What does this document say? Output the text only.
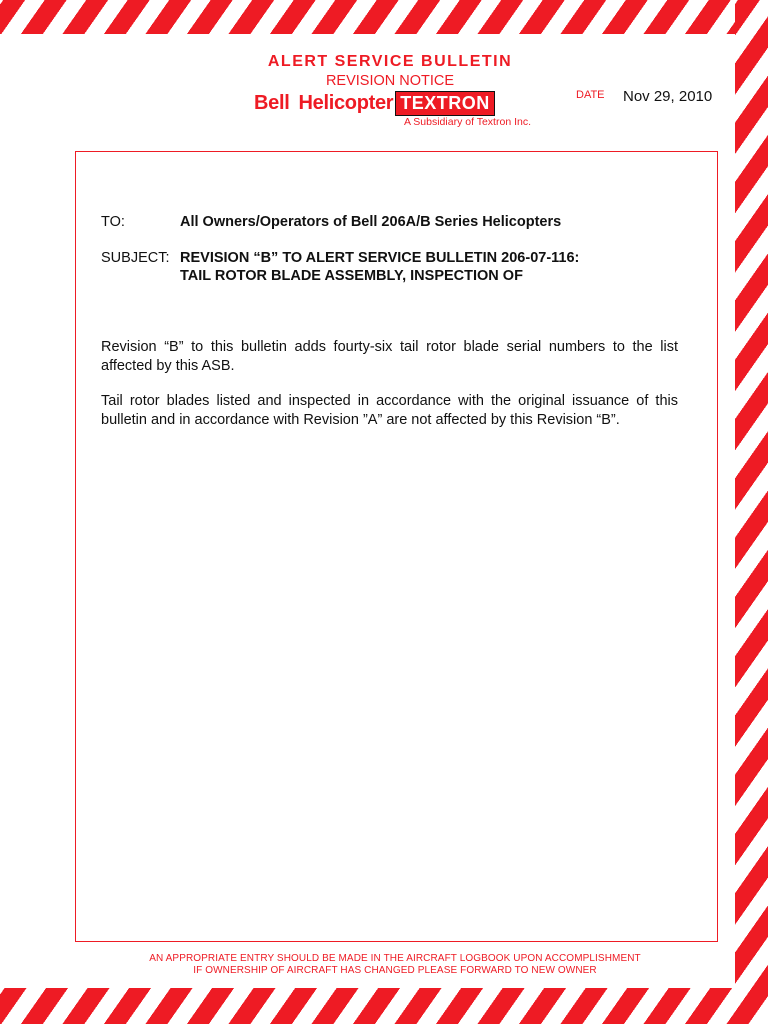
ALERT SERVICE BULLETIN
REVISION NOTICE
Bell Helicopter TEXTRON
A Subsidiary of Textron Inc.
DATE Nov 29, 2010
TO:	All Owners/Operators of Bell 206A/B Series Helicopters
SUBJECT: REVISION “B” TO ALERT SERVICE BULLETIN 206-07-116:
TAIL ROTOR BLADE ASSEMBLY, INSPECTION OF

Revision “B” to this bulletin adds fourty-six tail rotor blade serial numbers to the list affected by this ASB.

Tail rotor blades listed and inspected in accordance with the original issuance of this bulletin and in accordance with Revision ”A” are not affected by this Revision “B”.

AN APPROPRIATE ENTRY SHOULD BE MADE IN THE AIRCRAFT LOGBOOK UPON ACCOMPLISHMENT
IF OWNERSHIP OF AIRCRAFT HAS CHANGED PLEASE FORWARD TO NEW OWNER
